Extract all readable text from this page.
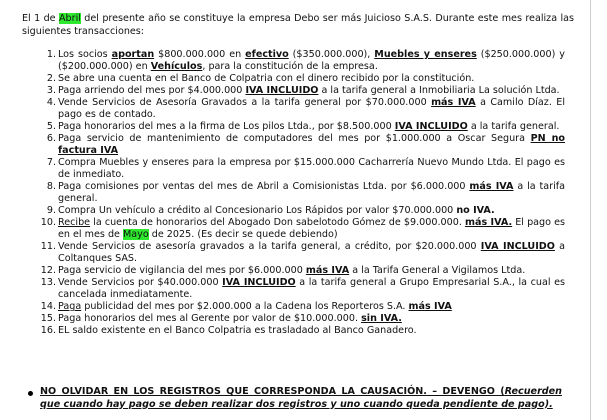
El 1 de Abril del presente año se constituye la empresa Debo ser más Juicioso S.A.S. Durante este mes realiza las siguientes transacciones:
1. Los socios aportan $800.000.000 en efectivo ($350.000.000), Muebles y enseres ($250.000.000) y ($200.000.000) en Vehículos, para la constitución de la empresa.
2. Se abre una cuenta en el Banco de Colpatria con el dinero recibido por la constitución.
3. Paga arriendo del mes por $4.000.000 IVA INCLUIDO a la tarifa general a Inmobiliaria La solución Ltda.
4. Vende Servicios de Asesoría Gravados a la tarifa general por $70.000.000 más IVA a Camilo Díaz. El pago es de contado.
5. Paga honorarios del mes a la firma de Los pilos Ltda., por $8.500.000 IVA INCLUIDO a la tarifa general.
6. Paga servicio de mantenimiento de computadores del mes por $1.000.000 a Oscar Segura PN no factura IVA
7. Compra Muebles y enseres para la empresa por $15.000.000 Cacharrería Nuevo Mundo Ltda. El pago es de inmediato.
8. Paga comisiones por ventas del mes de Abril a Comisionistas Ltda. por $6.000.000 más IVA a la tarifa general.
9. Compra Un vehículo a crédito al Concesionario Los Rápidos por valor $70.000.000 no IVA.
10. Recibe la cuenta de honorarios del Abogado Don sabelotodo Gómez de $9.000.000. más IVA. El pago es en el mes de Mayo de 2025. (Es decir se quede debiendo)
11. Vende Servicios de asesoría gravados a la tarifa general, a crédito, por $20.000.000 IVA INCLUIDO a Coltanques SAS.
12. Paga servicio de vigilancia del mes por $6.000.000 más IVA a la Tarifa General a Vigilamos Ltda.
13. Vende Servicios por $40.000.000 IVA INCLUIDO a la tarifa general a Grupo Empresarial S.A., la cual es cancelada inmediatamente.
14. Paga publicidad del mes por $2.000.000 a la Cadena los Reporteros S.A. más IVA
15. Paga honorarios del mes al Gerente por valor de $10.000.000. sin IVA.
16. EL saldo existente en el Banco Colpatria es trasladado al Banco Ganadero.
NO OLVIDAR EN LOS REGISTROS QUE CORRESPONDA LA CAUSACIÓN. – DEVENGO (Recuerden que cuando hay pago se deben realizar dos registros y uno cuando queda pendiente de pago).
